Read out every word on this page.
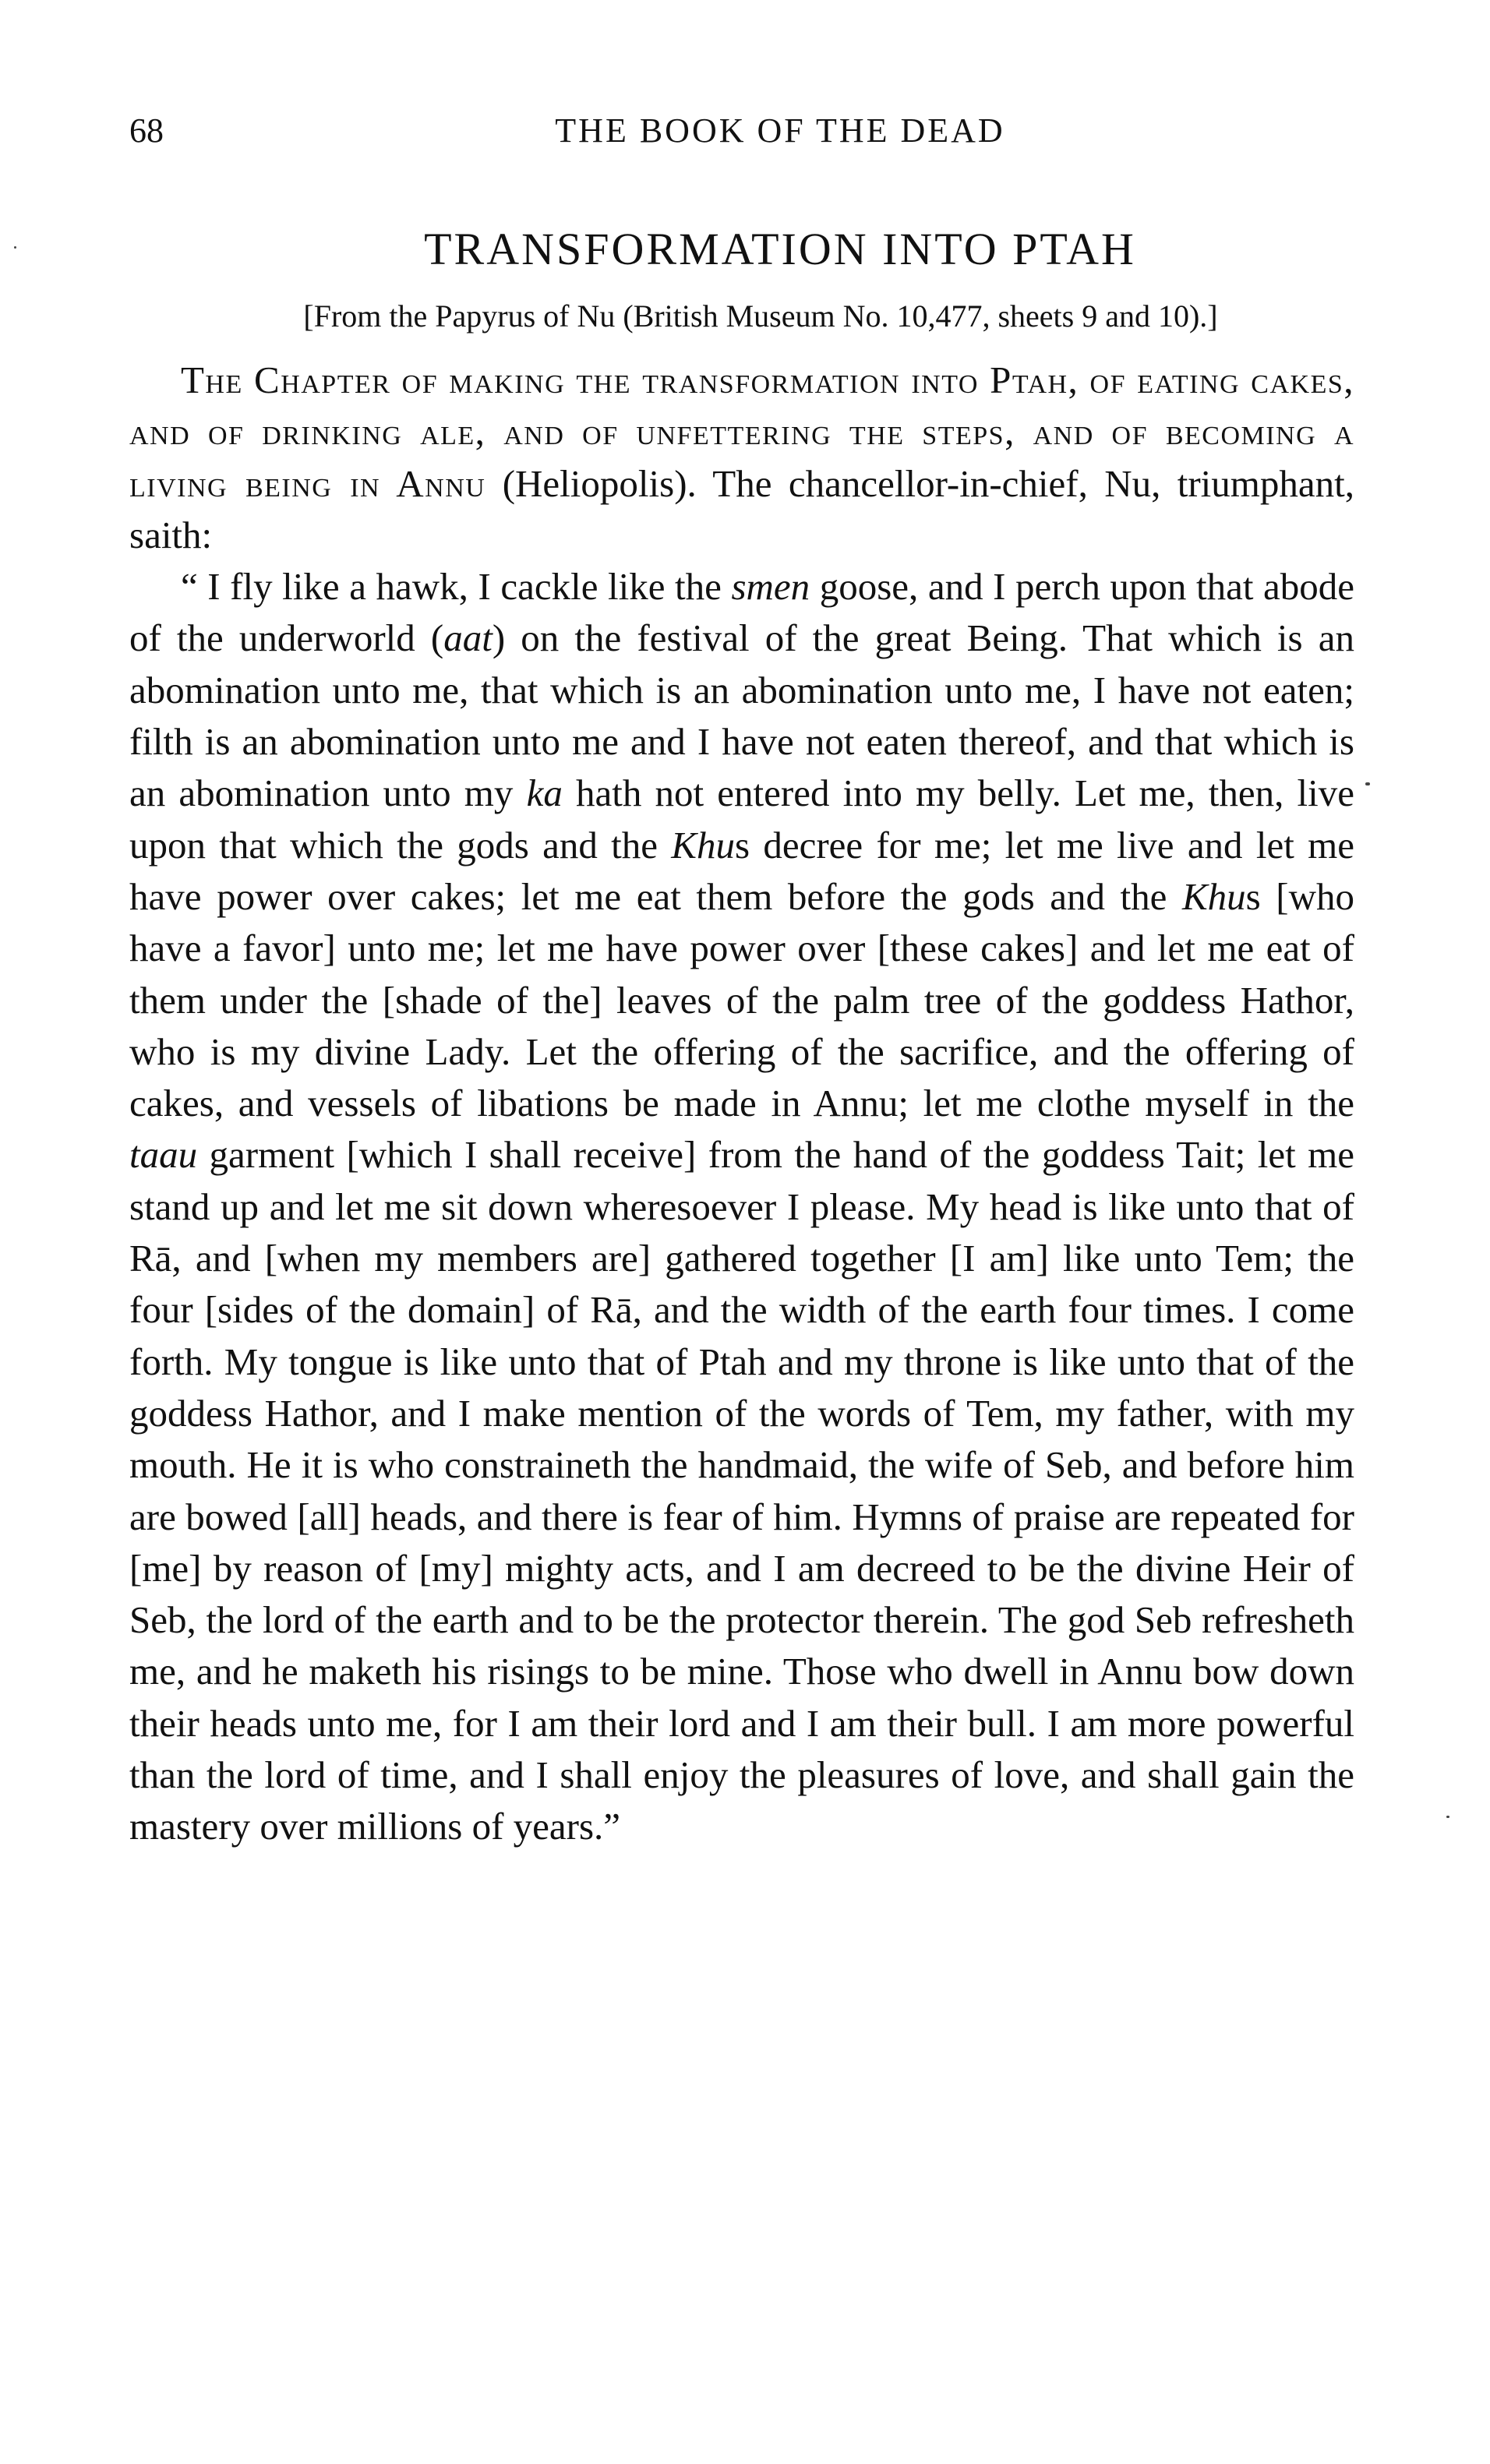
68	THE BOOK OF THE DEAD
TRANSFORMATION INTO PTAH
[From the Papyrus of Nu (British Museum No. 10,477, sheets 9 and 10).]

The Chapter of making the transformation into Ptah, of eating cakes, and of drinking ale, and of unfettering the steps, and of becoming a living being in Annu (Heliopolis). The chancellor-in-chief, Nu, triumphant, saith:

“ I fly like a hawk, I cackle like the smen goose, and I perch upon that abode of the underworld (aat) on the festival of the great Being. That which is an abomination unto me, that which is an abomination unto me, I have not eaten; filth is an abomination unto me and I have not eaten thereof, and that which is an abomination unto my ka hath not entered into my belly. Let me, then, live upon that which the gods and the Khus decree for me; let me live and let me have power over cakes; let me eat them before the gods and the Khus [who have a favor] unto me; let me have power over [these cakes] and let me eat of them under the [shade of the] leaves of the palm tree of the goddess Hathor, who is my divine Lady. Let the offering of the sacrifice, and the offering of cakes, and vessels of libations be made in Annu; let me clothe myself in the taau garment [which I shall receive] from the hand of the goddess Tait; let me stand up and let me sit down wheresoever I please. My head is like unto that of Rā, and [when my members are] gathered together [I am] like unto Tem; the four [sides of the domain] of Rā, and the width of the earth four times. I come forth. My tongue is like unto that of Ptah and my throne is like unto that of the goddess Hathor, and I make mention of the words of Tem, my father, with my mouth. He it is who constraineth the handmaid, the wife of Seb, and before him are bowed [all] heads, and there is fear of him. Hymns of praise are repeated for [me] by reason of [my] mighty acts, and I am decreed to be the divine Heir of Seb, the lord of the earth and to be the protector therein. The god Seb refresheth me, and he maketh his risings to be mine. Those who dwell in Annu bow down their heads unto me, for I am their lord and I am their bull. I am more powerful than the lord of time, and I shall enjoy the pleasures of love, and shall gain the mastery over millions of years.”
